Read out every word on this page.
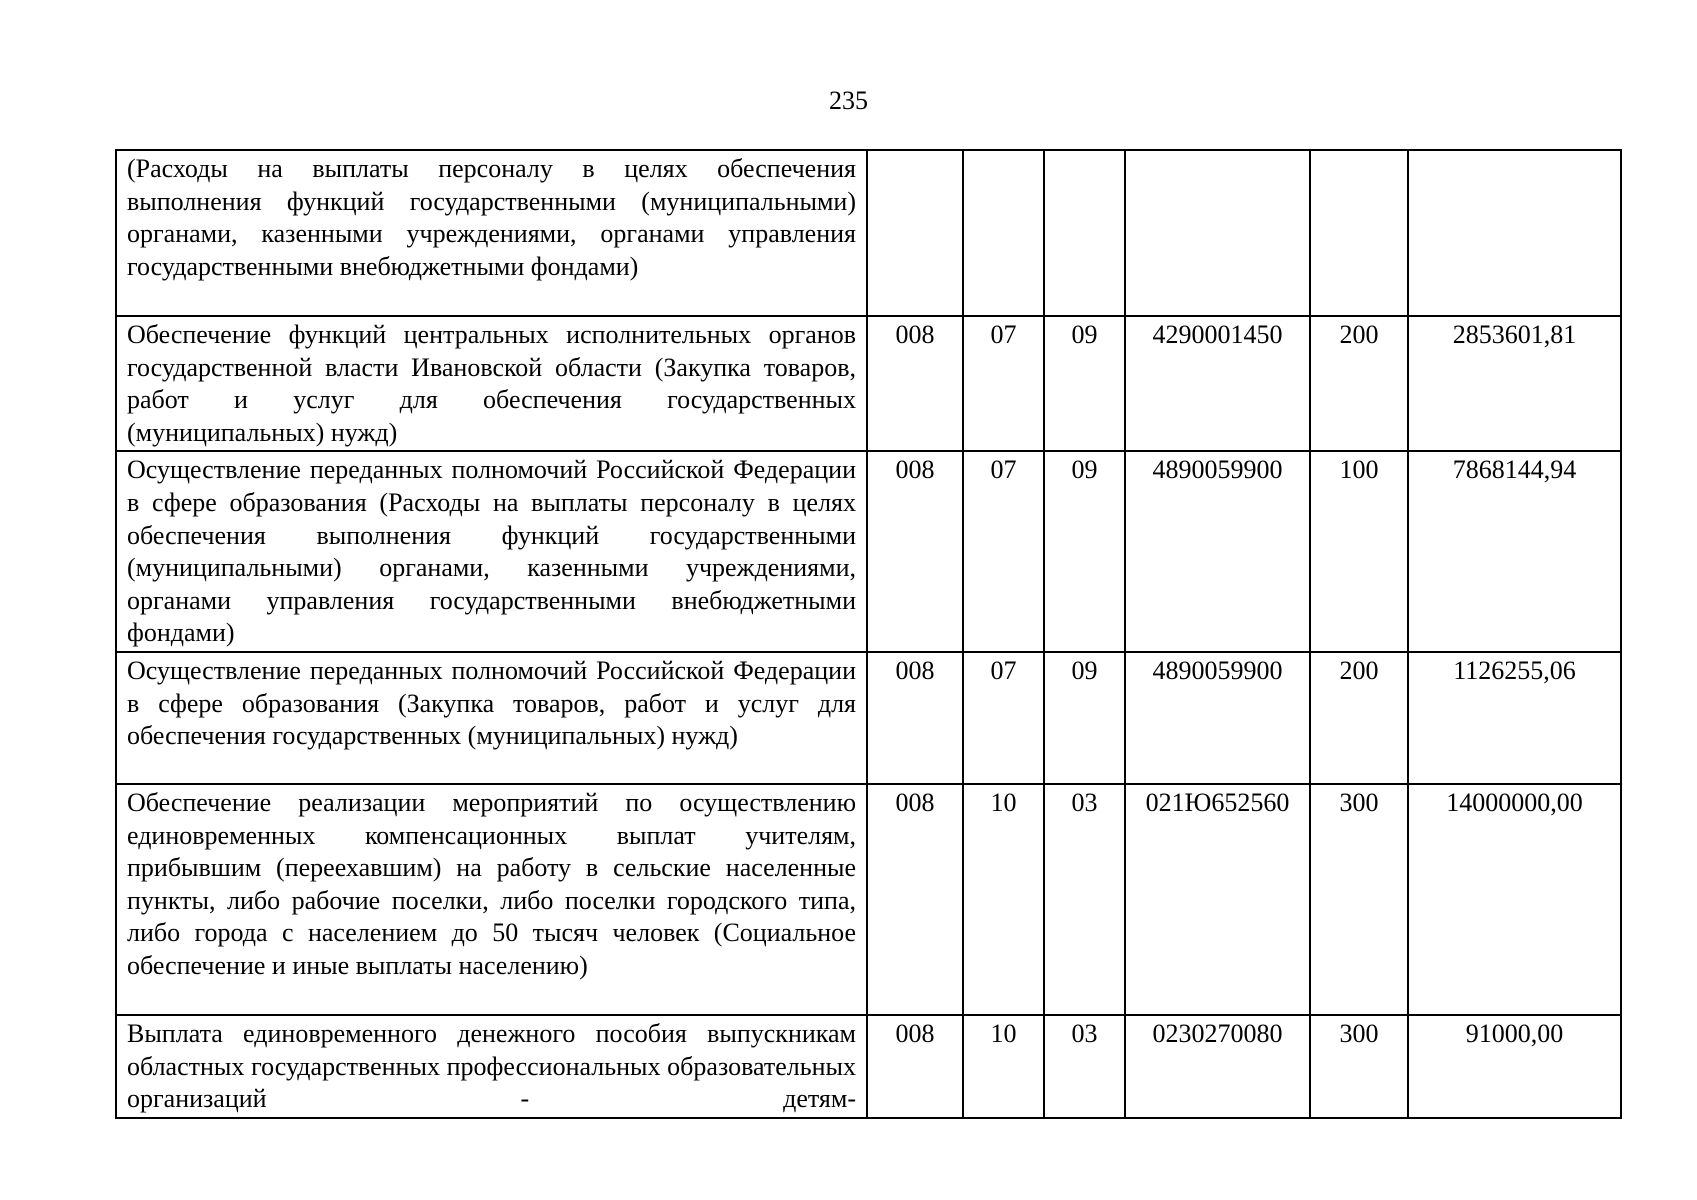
235
(Расходы на выплаты персоналу в целях обеспечения выполнения функций государственными (муниципальными) органами, казенными учреждениями, органами управления государственными внебюджетными фондами)						
Обеспечение функций центральных исполнительных органов государственной власти Ивановской области (Закупка товаров, работ и услуг для обеспечения государственных (муниципальных) нужд)	008	07	09	4290001450	200	2853601,81
Осуществление переданных полномочий Российской Федерации в сфере образования (Расходы на выплаты персоналу в целях обеспечения выполнения функций государственными (муниципальными) органами, казенными учреждениями, органами управления государственными внебюджетными фондами)	008	07	09	4890059900	100	7868144,94
Осуществление переданных полномочий Российской Федерации в сфере образования (Закупка товаров, работ и услуг для обеспечения государственных (муниципальных) нужд)	008	07	09	4890059900	200	1126255,06
Обеспечение реализации мероприятий по осуществлению единовременных компенсационных выплат учителям, прибывшим (переехавшим) на работу в сельские населенные пункты, либо рабочие поселки, либо поселки городского типа, либо города с населением до 50 тысяч человек (Социальное обеспечение и иные выплаты населению)	008	10	03	021Ю652560	300	14000000,00
Выплата единовременного денежного пособия выпускникам областных государственных профессиональных образовательных организаций - детям-	008	10	03	0230270080	300	91000,00
